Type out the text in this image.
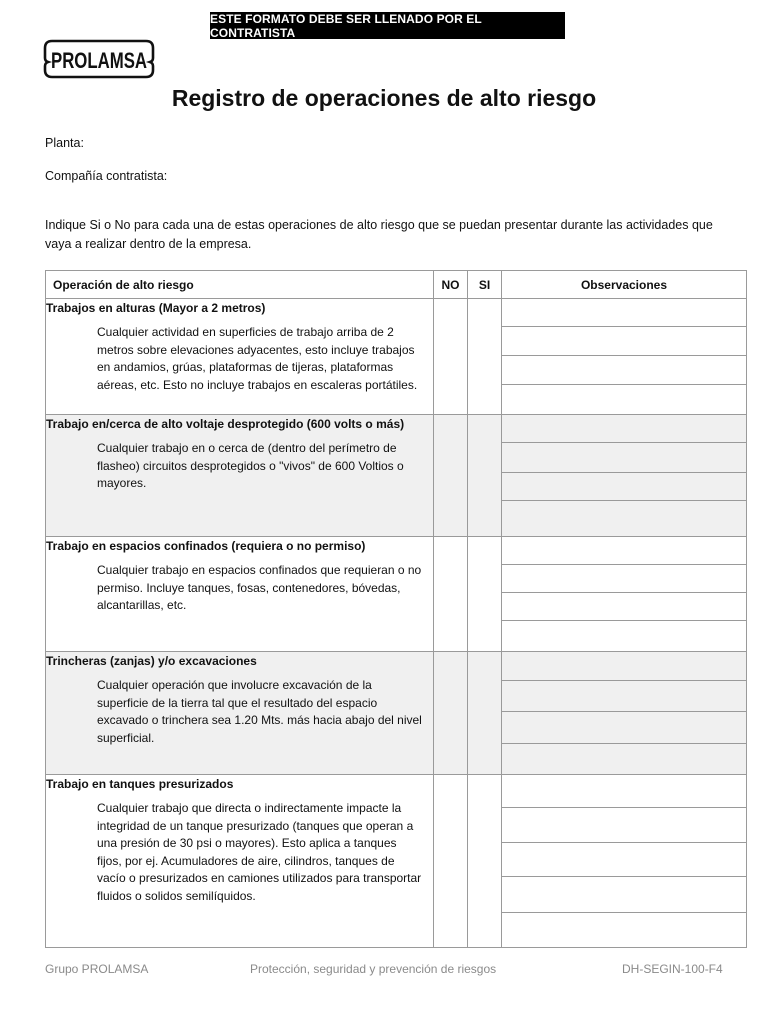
ESTE FORMATO DEBE SER LLENADO POR EL CONTRATISTA
PROLAMSA
Registro de operaciones de alto riesgo
Planta:
Compañía contratista:
Indique Si o No para cada una de estas operaciones de alto riesgo que se puedan presentar durante las actividades que vaya a realizar dentro de la empresa.
Operación de alto riesgo	NO	SI	Observaciones

Trabajos en alturas (Mayor a 2 metros)
Cualquier actividad en superficies de trabajo arriba de 2 metros sobre elevaciones adyacentes, esto incluye trabajos en andamios, grúas, plataformas de tijeras, plataformas aéreas, etc. Esto no incluye trabajos en escaleras portátiles.			

Trabajo en/cerca de alto voltaje desprotegido (600 volts o más)
Cualquier trabajo en o cerca de (dentro del perímetro de flasheo) circuitos desprotegidos o "vivos" de 600 Voltios o mayores.			

Trabajo en espacios confinados (requiera o no permiso)
Cualquier trabajo en espacios confinados que requieran o no permiso. Incluye tanques, fosas, contenedores, bóvedas, alcantarillas, etc.			

Trincheras (zanjas) y/o excavaciones
Cualquier operación que involucre excavación de la superficie de la tierra tal que el resultado del espacio excavado o trinchera sea 1.20 Mts. más hacia abajo del nivel superficial.			

Trabajo en tanques presurizados
Cualquier trabajo que directa o indirectamente impacte la integridad de un tanque presurizado (tanques que operan a una presión de 30 psi o mayores). Esto aplica a tanques fijos, por ej. Acumuladores de aire, cilindros, tanques de vacío o presurizados en camiones utilizados para transportar fluidos o solidos semilíquidos.			

Grupo PROLAMSA	Protección, seguridad y prevención de riesgos	DH-SEGIN-100-F4
